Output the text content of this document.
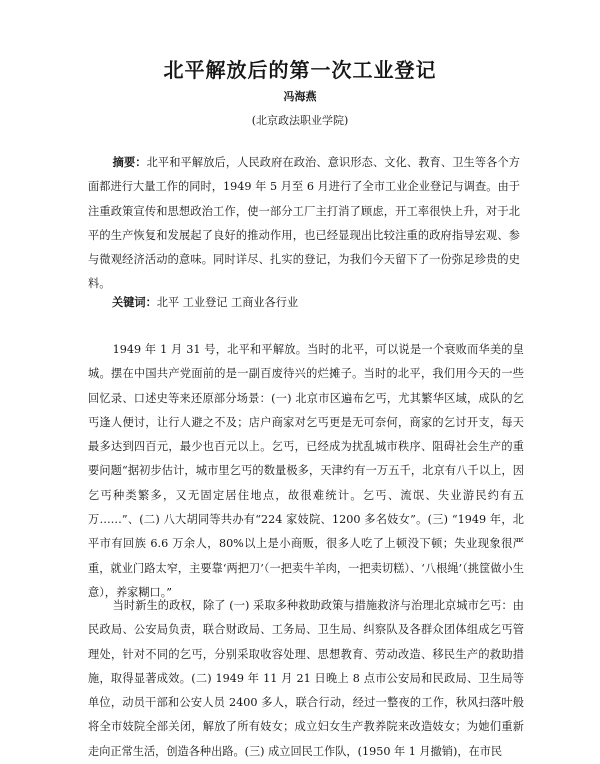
北平解放后的第一次工业登记

冯海燕

(北京政法职业学院)

摘要：北平和平解放后，人民政府在政治、意识形态、文化、教育、卫生等各个方面都进行大量工作的同时，1949 年 5 月至 6 月进行了全市工业企业登记与调查。由于注重政策宣传和思想政治工作，使一部分工厂主打消了顾虑，开工率很快上升，对于北平的生产恢复和发展起了良好的推动作用，也已经显现出比较注重的政府指导宏观、参与微观经济活动的意味。同时详尽、扎实的登记，为我们今天留下了一份弥足珍贵的史料。

关键词：北平 工业登记 工商业各行业

1949 年 1 月 31 号，北平和平解放。当时的北平，可以说是一个衰败而华美的皇城。摆在中国共产党面前的是一副百废待兴的烂摊子。当时的北平，我们用今天的一些回忆录、口述史等来还原部分场景：(一) 北京市区遍布乞丐，尤其繁华区域，成队的乞丐逢人便讨，让行人避之不及；店户商家对乞丐更是无可奈何，商家的乞讨开支，每天最多达到四百元，最少也百元以上。乞丐，已经成为扰乱城市秩序、阻碍社会生产的重要问题“据初步估计，城市里乞丐的数量极多，天津约有一万五千，北京有八千以上，因乞丐种类繁多，又无固定居住地点，故很难统计。乞丐、流氓、失业游民约有五万……”、(二) 八大胡同等共办有“224 家妓院、1200 多名妓女”。(三) “1949 年，北平市有回族 6.6 万余人，80%以上是小商贩，很多人吃了上顿没下顿；失业现象很严重，就业门路太窄，主要靠‘两把刀’（一把卖牛羊肉，一把卖切糕）、‘八根绳’（挑筐做小生意），养家糊口。”

当时新生的政权，除了 (一) 采取多种救助政策与措施救济与治理北京城市乞丐：由民政局、公安局负责，联合财政局、工务局、卫生局、纠察队及各群众团体组成乞丐管理处，针对不同的乞丐，分别采取收容处理、思想教育、劳动改造、移民生产的救助措施，取得显著成效。(二) 1949 年 11 月 21 日晚上 8 点市公安局和民政局、卫生局等单位，动员干部和公安人员 2400 多人，联合行动，经过一整夜的工作，秋风扫落叶般将全市妓院全部关闭，解放了所有妓女；成立妇女生产教养院来改造妓女；为她们重新走向正常生活，创造各种出路。(三) 成立回民工作队，(1950 年 1 月撤销)，在市民
